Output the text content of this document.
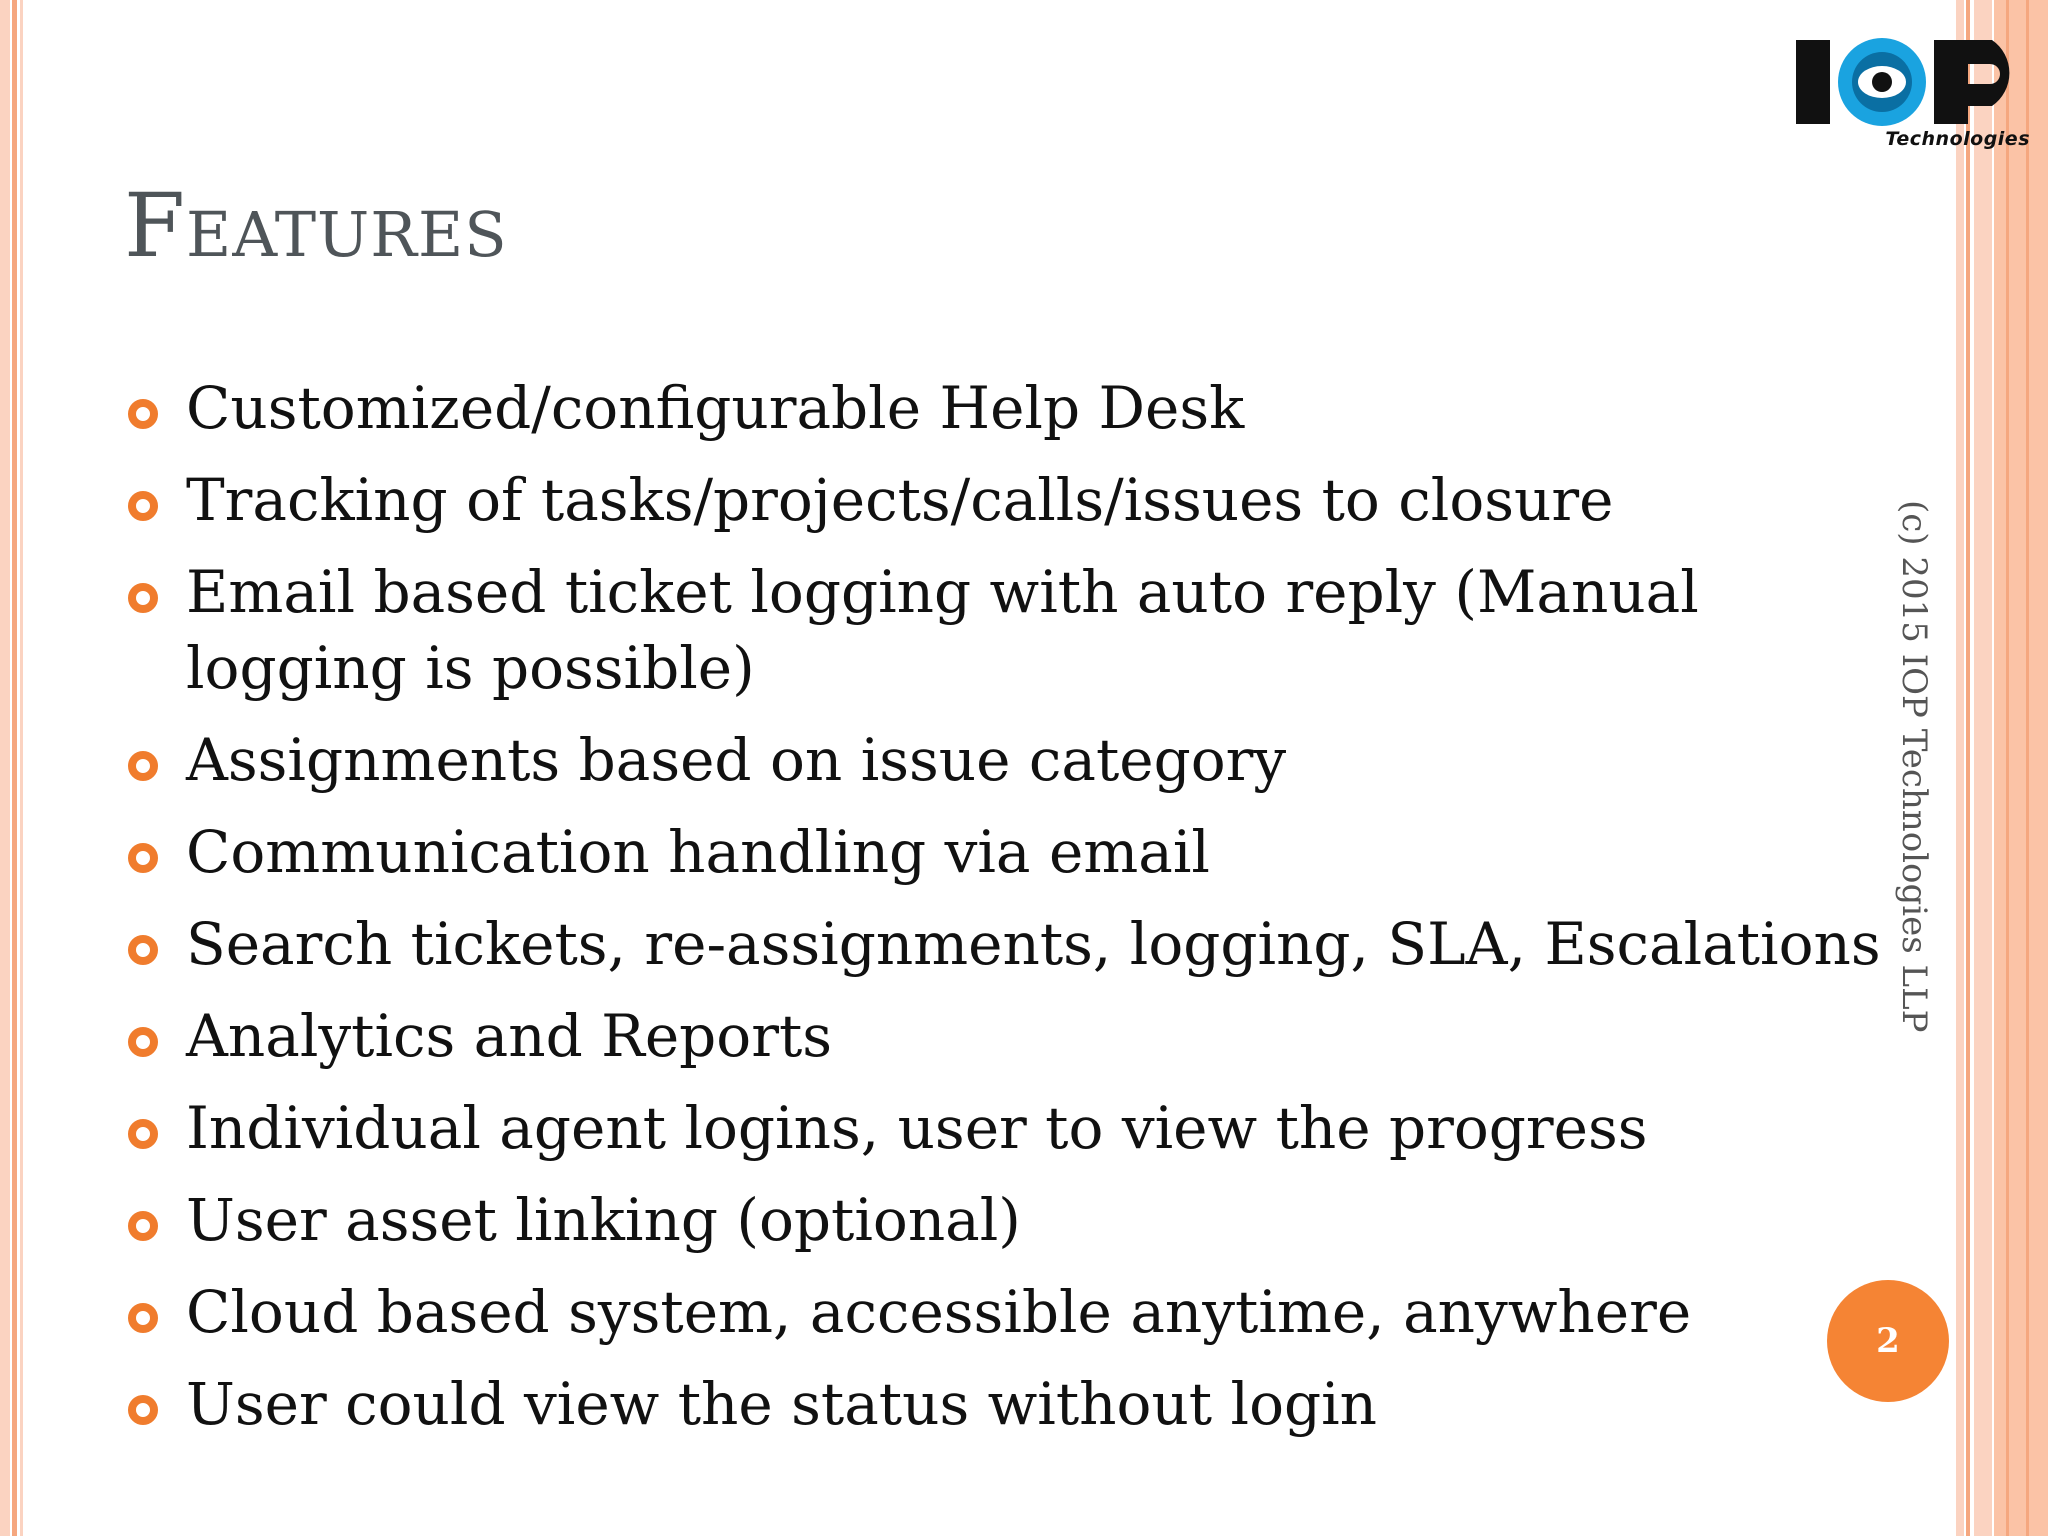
Technologies
Features
Customized/configurable Help Desk
Tracking of tasks/projects/calls/issues to closure
Email based ticket logging with auto reply (Manual logging is possible)
Assignments based on issue category
Communication handling via email
Search tickets, re-assignments, logging, SLA, Escalations
Analytics and Reports
Individual agent logins, user to view the progress
User asset linking (optional)
Cloud based system, accessible anytime, anywhere
User could view the status without login
(c) 2015 IOP Technologies LLP
2
